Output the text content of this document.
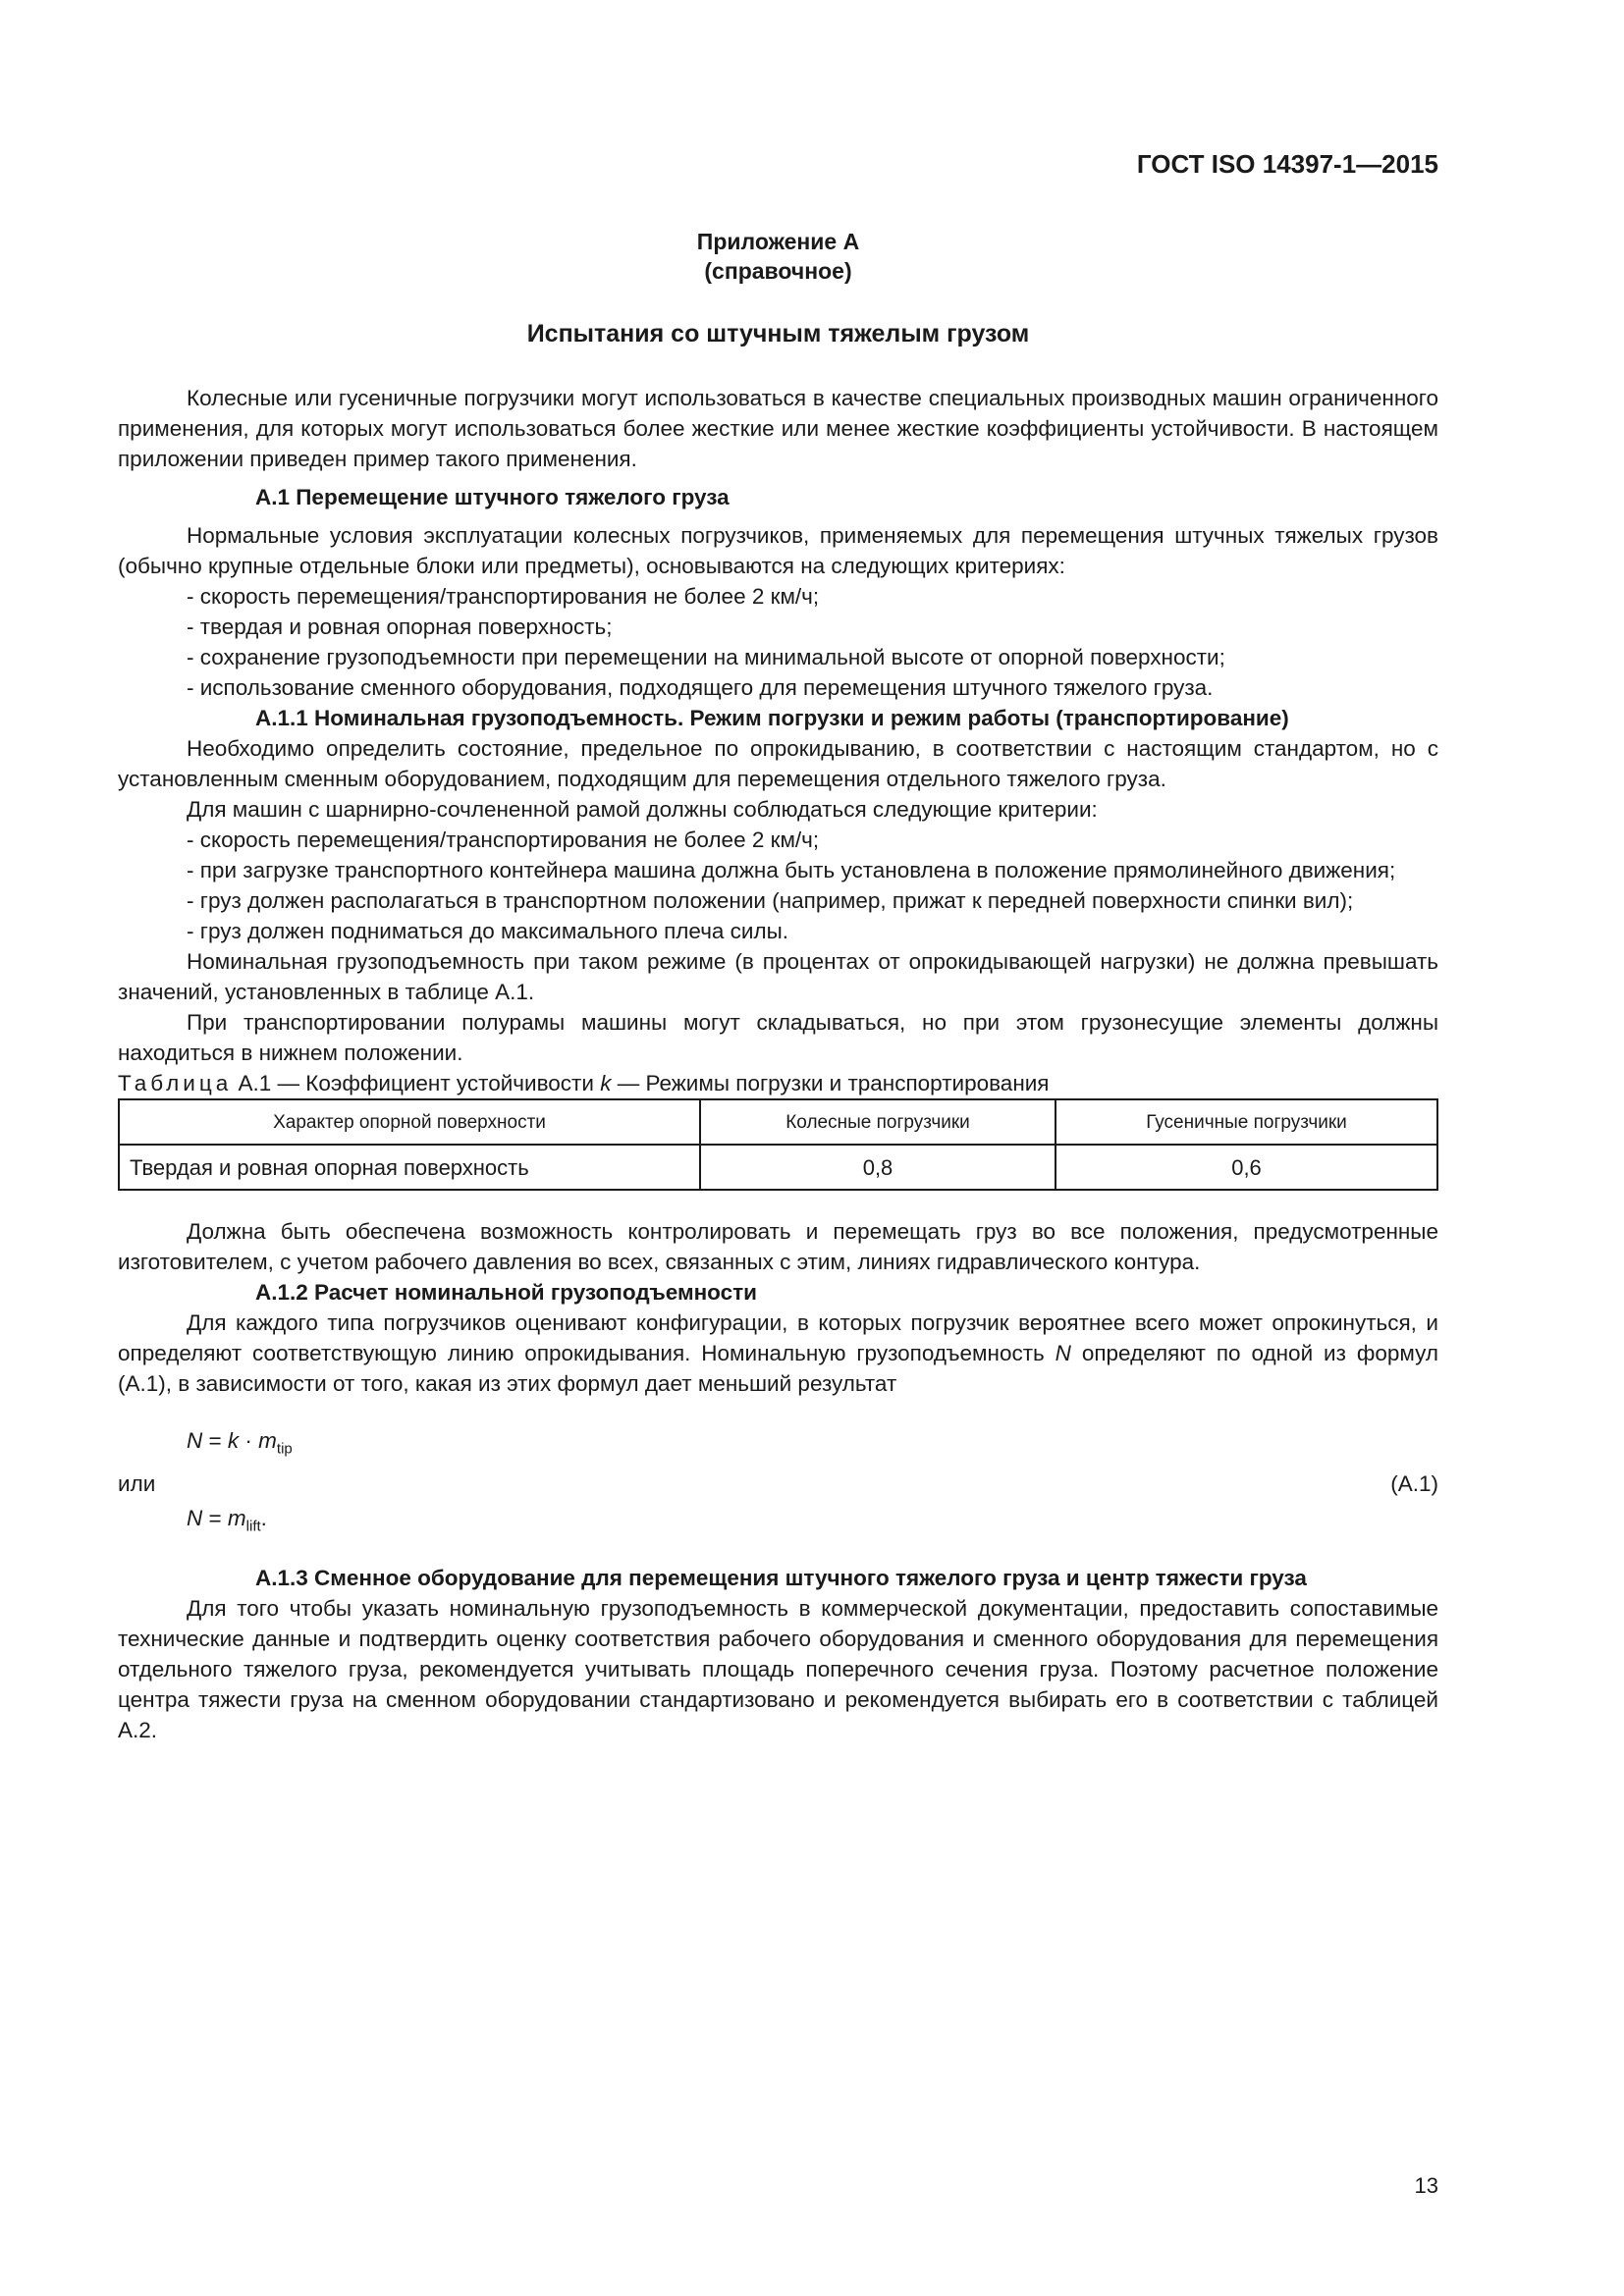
ГОСТ ISO 14397-1—2015
Приложение А
(справочное)
Испытания со штучным тяжелым грузом

Колесные или гусеничные погрузчики могут использоваться в качестве специальных производных машин ограниченного применения, для которых могут использоваться более жесткие или менее жесткие коэффициенты устойчивости. В настоящем приложении приведен пример такого применения.

А.1 Перемещение штучного тяжелого груза

Нормальные условия эксплуатации колесных погрузчиков, применяемых для перемещения штучных тяжелых грузов (обычно крупные отдельные блоки или предметы), основываются на следующих критериях:

- скорость перемещения/транспортирования не более 2 км/ч;

- твердая и ровная опорная поверхность;

- сохранение грузоподъемности при перемещении на минимальной высоте от опорной поверхности;

- использование сменного оборудования, подходящего для перемещения штучного тяжелого груза.

А.1.1 Номинальная грузоподъемность. Режим погрузки и режим работы (транспортирование)

Необходимо определить состояние, предельное по опрокидыванию, в соответствии с настоящим стандартом, но с установленным сменным оборудованием, подходящим для перемещения отдельного тяжелого груза.

Для машин с шарнирно-сочлененной рамой должны соблюдаться следующие критерии:

- скорость перемещения/транспортирования не более 2 км/ч;

- при загрузке транспортного контейнера машина должна быть установлена в положение прямолинейного движения;

- груз должен располагаться в транспортном положении (например, прижат к передней поверхности спинки вил);

- груз должен подниматься до максимального плеча силы.

Номинальная грузоподъемность при таком режиме (в процентах от опрокидывающей нагрузки) не должна превышать значений, установленных в таблице А.1.

При транспортировании полурамы машины могут складываться, но при этом грузонесущие элементы должны находиться в нижнем положении.

Таблица А.1 — Коэффициент устойчивости k — Режимы погрузки и транспортирования

Характер опорной поверхности	Колесные погрузчики	Гусеничные погрузчики
Твердая и ровная опорная поверхность	0,8	0,6

Должна быть обеспечена возможность контролировать и перемещать груз во все положения, предусмотренные изготовителем, с учетом рабочего давления во всех, связанных с этим, линиях гидравлического контура.

А.1.2 Расчет номинальной грузоподъемности

Для каждого типа погрузчиков оценивают конфигурации, в которых погрузчик вероятнее всего может опрокинуться, и определяют соответствующую линию опрокидывания. Номинальную грузоподъемность N определяют по одной из формул (А.1), в зависимости от того, какая из этих формул дает меньший результат

$N = k \cdot m_{tip}$

или	(А.1)

$N = m_{lift}$.

А.1.3 Сменное оборудование для перемещения штучного тяжелого груза и центр тяжести груза

Для того чтобы указать номинальную грузоподъемность в коммерческой документации, предоставить сопоставимые технические данные и подтвердить оценку соответствия рабочего оборудования и сменного оборудования для перемещения отдельного тяжелого груза, рекомендуется учитывать площадь поперечного сечения груза. Поэтому расчетное положение центра тяжести груза на сменном оборудовании стандартизовано и рекомендуется выбирать его в соответствии с таблицей А.2.

13
